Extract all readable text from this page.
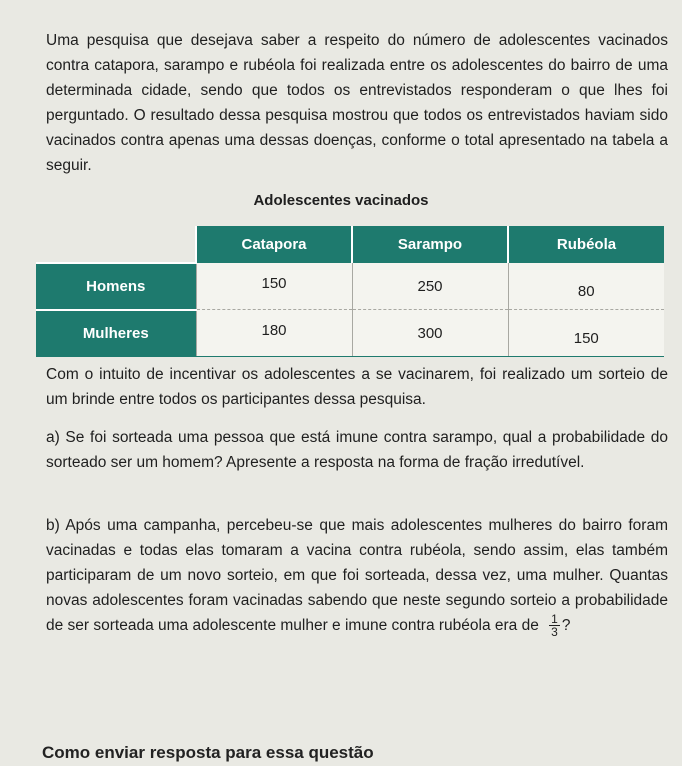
Uma pesquisa que desejava saber a respeito do número de adolescentes vacinados contra catapora, sarampo e rubéola foi realizada entre os adolescentes do bairro de uma determinada cidade, sendo que todos os entrevistados responderam o que lhes foi perguntado. O resultado dessa pesquisa mostrou que todos os entrevistados haviam sido vacinados contra apenas uma dessas doenças, conforme o total apresentado na tabela a seguir.

Adolescentes vacinados
	Catapora	Sarampo	Rubéola
Homens	150	250	80
Mulheres	180	300	150

Com o intuito de incentivar os adolescentes a se vacinarem, foi realizado um sorteio de um brinde entre todos os participantes dessa pesquisa.

a) Se foi sorteada uma pessoa que está imune contra sarampo, qual a probabilidade do sorteado ser um homem? Apresente a resposta na forma de fração irredutível.

b) Após uma campanha, percebeu-se que mais adolescentes mulheres do bairro foram vacinadas e todas elas tomaram a vacina contra rubéola, sendo assim, elas também participaram de um novo sorteio, em que foi sorteada, dessa vez, uma mulher. Quantas novas adolescentes foram vacinadas sabendo que neste segundo sorteio a probabilidade de ser sorteada uma adolescente mulher e imune contra rubéola era de $\frac{1}{3}$ ?

Como enviar resposta para essa questão
